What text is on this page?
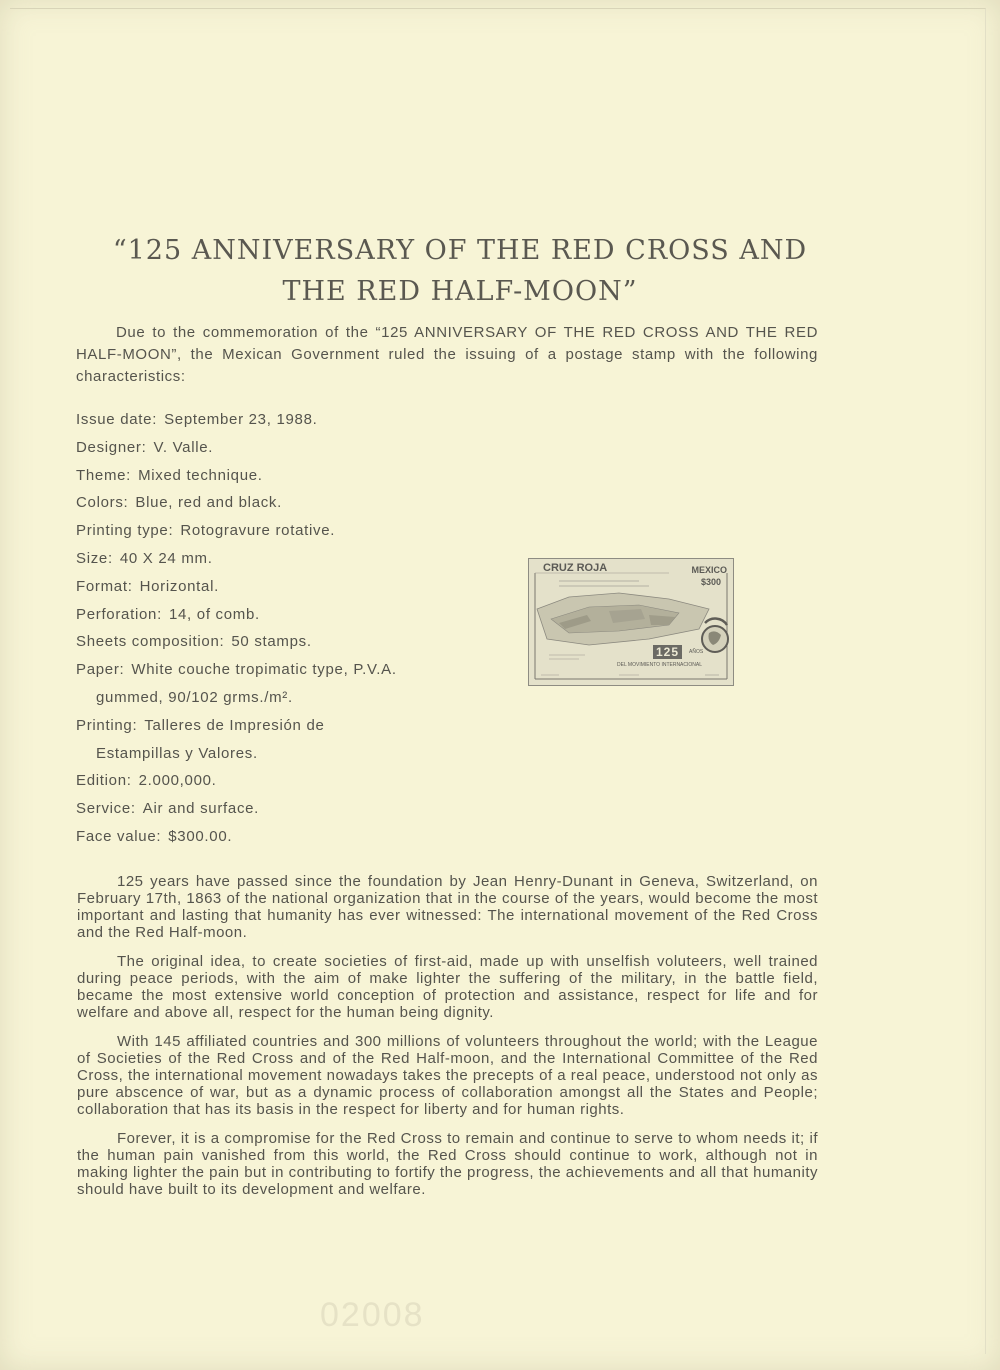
“125 ANNIVERSARY OF THE RED CROSS AND
THE RED HALF-MOON”

Due to the commemoration of the “125 ANNIVERSARY OF THE RED CROSS AND THE RED HALF-MOON”, the Mexican Government ruled the issuing of a postage stamp with the following characteristics:

Issue date: September 23, 1988.
Designer: V. Valle.
Theme: Mixed technique.
Colors: Blue, red and black.
Printing type: Rotogravure rotative.
Size: 40 X 24 mm.
Format: Horizontal.
Perforation: 14, of comb.
Sheets composition: 50 stamps.
Paper: White couche tropimatic type, P.V.A.
gummed, 90/102 grms./m².
Printing: Talleres de Impresión de
Estampillas y Valores.
Edition: 2.000,000.
Service: Air and surface.
Face value: $300.00.
CRUZ ROJA	MEXICO
$300
125	AÑOS
DEL MOVIMIENTO INTERNACIONAL

125 years have passed since the foundation by Jean Henry-Dunant in Geneva, Switzerland, on February 17th, 1863 of the national organization that in the course of the years, would become the most important and lasting that humanity has ever witnessed: The international movement of the Red Cross and the Red Half-moon.

The original idea, to create societies of first-aid, made up with unselfish voluteers, well trained during peace periods, with the aim of make lighter the suffering of the military, in the battle field, became the most extensive world conception of protection and assistance, respect for life and for welfare and above all, respect for the human being dignity.

With 145 affiliated countries and 300 millions of volunteers throughout the world; with the League of Societies of the Red Cross and of the Red Half-moon, and the International Committee of the Red Cross, the international movement nowadays takes the precepts of a real peace, understood not only as pure abscence of war, but as a dynamic process of collaboration amongst all the States and People; collaboration that has its basis in the respect for liberty and for human rights.

Forever, it is a compromise for the Red Cross to remain and continue to serve to whom needs it; if the human pain vanished from this world, the Red Cross should continue to work, although not in making lighter the pain but in contributing to fortify the progress, the achievements and all that humanity should have built to its development and welfare.

02008
